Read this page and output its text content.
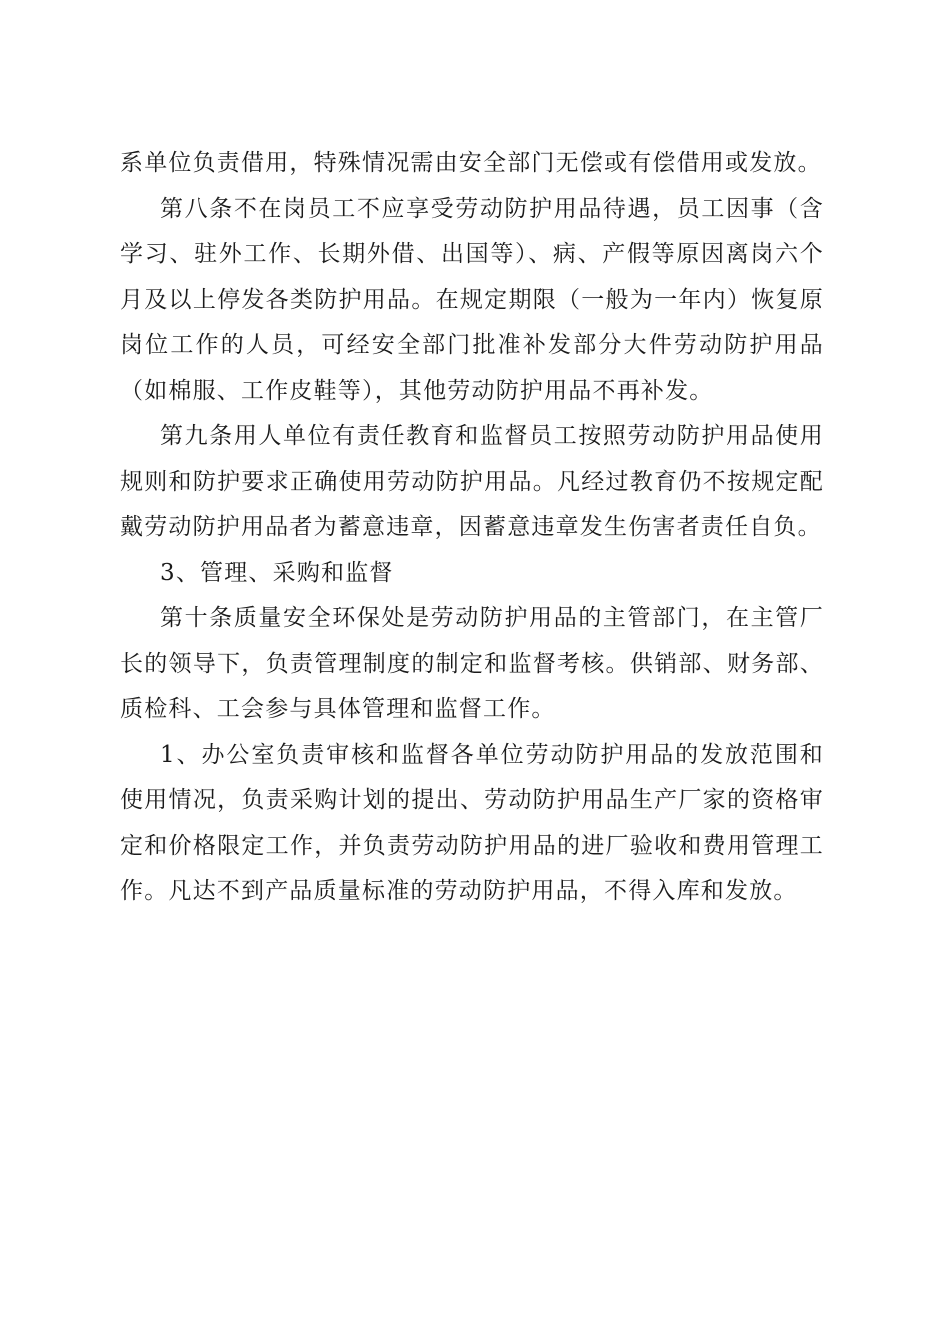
系单位负责借用，特殊情况需由安全部门无偿或有偿借用或发放。

第八条不在岗员工不应享受劳动防护用品待遇，员工因事（含学习、驻外工作、长期外借、出国等）、病、产假等原因离岗六个月及以上停发各类防护用品。在规定期限（一般为一年内）恢复原岗位工作的人员，可经安全部门批准补发部分大件劳动防护用品（如棉服、工作皮鞋等），其他劳动防护用品不再补发。

第九条用人单位有责任教育和监督员工按照劳动防护用品使用规则和防护要求正确使用劳动防护用品。凡经过教育仍不按规定配戴劳动防护用品者为蓄意违章，因蓄意违章发生伤害者责任自负。

3、管理、采购和监督

第十条质量安全环保处是劳动防护用品的主管部门，在主管厂长的领导下，负责管理制度的制定和监督考核。供销部、财务部、质检科、工会参与具体管理和监督工作。

1、办公室负责审核和监督各单位劳动防护用品的发放范围和使用情况，负责采购计划的提出、劳动防护用品生产厂家的资格审定和价格限定工作，并负责劳动防护用品的进厂验收和费用管理工作。凡达不到产品质量标准的劳动防护用品，不得入库和发放。
